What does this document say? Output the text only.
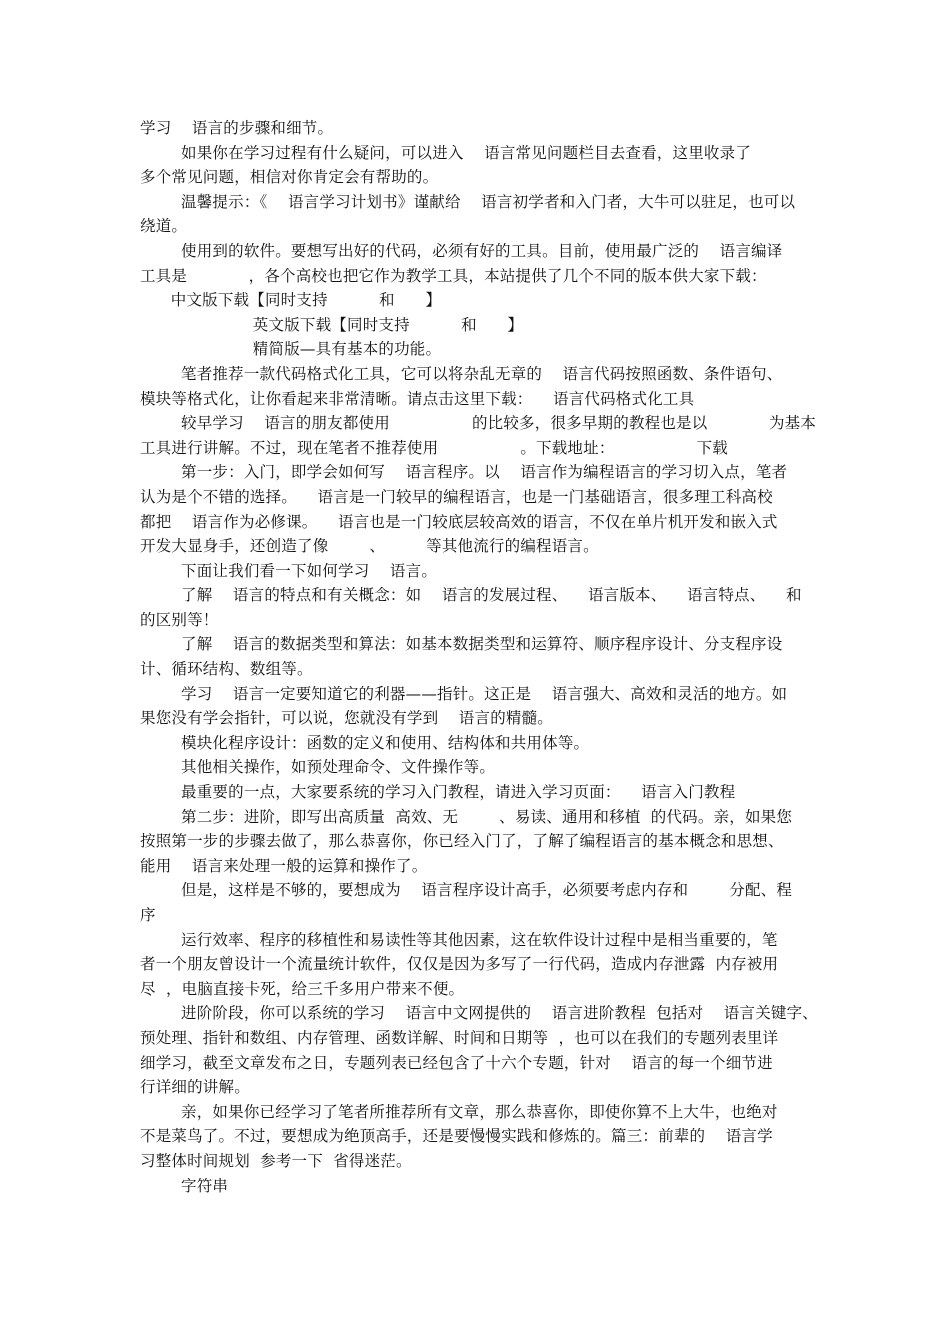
学习    语言的步骤和细节。
如果你在学习过程有什么疑问，可以进入    语言常见问题栏目去查看，这里收录了
多个常见问题，相信对你肯定会有帮助的。
温馨提示：《    语言学习计划书》谨献给    语言初学者和入门者，大牛可以驻足，也可以
绕道。
使用到的软件。要想写出好的代码，必须有好的工具。目前，使用最广泛的    语言编译
工具是            ，各个高校也把它作为教学工具，本站提供了几个不同的版本供大家下载：
中文版下载【同时支持          和      】
英文版下载【同时支持          和      】
精简版—具有基本的功能。
笔者推荐一款代码格式化工具，它可以将杂乱无章的    语言代码按照函数、条件语句、
模块等格式化，让你看起来非常清晰。请点击这里下载：    语言代码格式化工具
较早学习    语言的朋友都使用                的比较多，很多早期的教程也是以            为基本
工具进行讲解。不过，现在笔者不推荐使用                。下载地址：                下载
第一步：入门，即学会如何写    语言程序。以    语言作为编程语言的学习切入点，笔者
认为是个不错的选择。    语言是一门较早的编程语言，也是一门基础语言，很多理工科高校
都把    语言作为必修课。    语言也是一门较底层较高效的语言，不仅在单片机开发和嵌入式
开发大显身手，还创造了像        、        等其他流行的编程语言。
下面让我们看一下如何学习    语言。
了解    语言的特点和有关概念：如    语言的发展过程、    语言版本、    语言特点、    和
的区别等！
了解    语言的数据类型和算法：如基本数据类型和运算符、顺序程序设计、分支程序设
计、循环结构、数组等。
学习    语言一定要知道它的利器——指针。这正是    语言强大、高效和灵活的地方。如
果您没有学会指针，可以说，您就没有学到    语言的精髓。
模块化程序设计：函数的定义和使用、结构体和共用体等。
其他相关操作，如预处理命令、文件操作等。
最重要的一点，大家要系统的学习入门教程，请进入学习页面：    语言入门教程
第二步：进阶，即写出高质量  高效、无        、易读、通用和移植  的代码。亲，如果您
按照第一步的步骤去做了，那么恭喜你，你已经入门了，了解了编程语言的基本概念和思想、
能用    语言来处理一般的运算和操作了。
但是，这样是不够的，要想成为    语言程序设计高手，必须要考虑内存和        分配、程
序
运行效率、程序的移植性和易读性等其他因素，这在软件设计过程中是相当重要的，笔
者一个朋友曾设计一个流量统计软件，仅仅是因为多写了一行代码，造成内存泄露  内存被用
尽  ，电脑直接卡死，给三千多用户带来不便。
进阶阶段，你可以系统的学习    语言中文网提供的    语言进阶教程  包括对    语言关键字、
预处理、指针和数组、内存管理、函数详解、时间和日期等  ，也可以在我们的专题列表里详
细学习，截至文章发布之日，专题列表已经包含了十六个专题，针对    语言的每一个细节进
行详细的讲解。
亲，如果你已经学习了笔者所推荐所有文章，那么恭喜你，即使你算不上大牛，也绝对
不是菜鸟了。不过，要想成为绝顶高手，还是要慢慢实践和修炼的。篇三：前辈的    语言学
习整体时间规划  参考一下  省得迷茫。
字符串
